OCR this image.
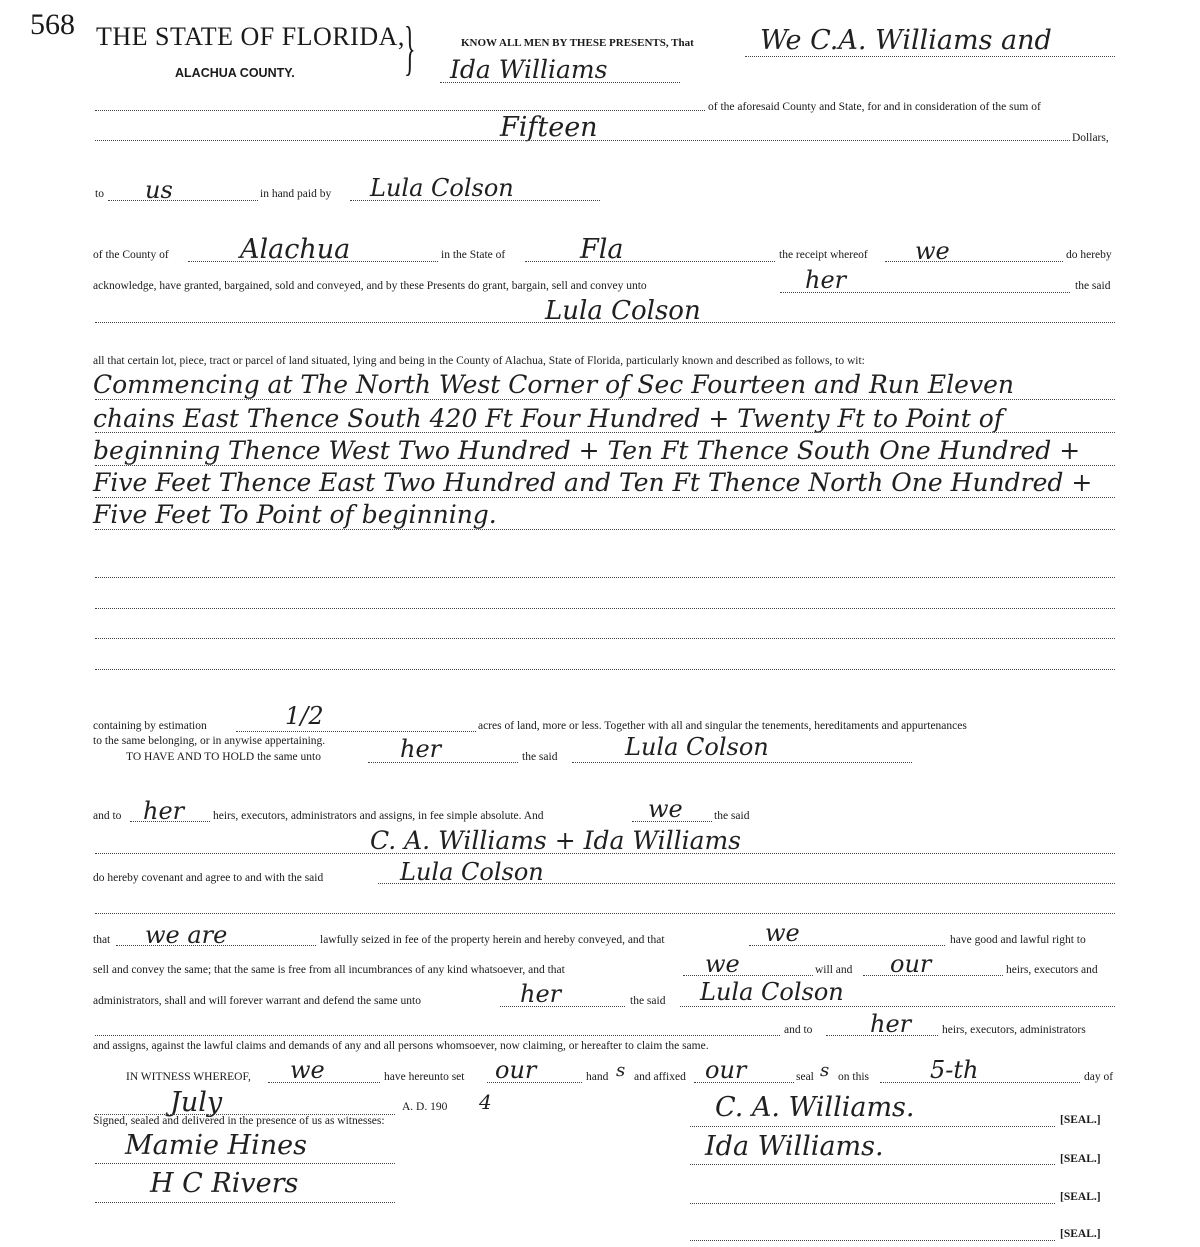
568 THE STATE OF FLORIDA,
ALACHUA COUNTY. }	KNOW ALL MEN BY THESE PRESENTS, That We C.A. Williams and
Ida Williams
of the aforesaid County and State, for and in consideration of the sum of
Fifteen	Dollars,
to us	in hand paid by Lula Colson
of the County of	Alachua	in the State of	Fla	the receipt whereof we	do hereby
acknowledge, have granted, bargained, sold and conveyed, and by these Presents do grant, bargain, sell and convey unto	her	the said
Lula Colson
all that certain lot, piece, tract or parcel of land situated, lying and being in the County of Alachua, State of Florida, particularly known and described as follows, to wit:
Commencing at The North West Corner of Sec Fourteen and Run Eleven
chains East Thence South 420 Ft Four Hundred + Twenty Ft to Point of
beginning Thence West Two Hundred + Ten Ft Thence South One Hundred +
Five Feet Thence East Two Hundred and Ten Ft Thence North One Hundred +
Five Feet To Point of beginning.
containing by estimation	1/2	acres of land, more or less. Together with all and singular the tenements, hereditaments and appurtenances
to the same belonging, or in anywise appertaining.
TO HAVE AND TO HOLD the same unto	her	the said	Lula Colson
and to her	heirs, executors, administrators and assigns, in fee simple absolute. And	we	the said
C. A. Williams + Ida Williams
do hereby covenant and agree to and with the said	Lula Colson
that we are	lawfully seized in fee of the property herein and hereby conveyed, and that	we	have good and lawful right to
sell and convey the same; that the same is free from all incumbrances of any kind whatsoever, and that	we	will and our	heirs, executors and
administrators, shall and will forever warrant and defend the same unto	her	the said Lula Colson
and to her	heirs, executors, administrators
and assigns, against the lawful claims and demands of any and all persons whomsoever, now claiming, or hereafter to claim the same.
IN WITNESS WHEREOF, we	have hereunto set our	hand s and affixed our	seal s on this	5-th	day of
July	A. D. 190 4
Signed, sealed and delivered in the presence of us as witnesses:
Mamie Hines
H C Rivers
C. A. Williams.	[SEAL.]
Ida Williams.	[SEAL.]
[SEAL.]
[SEAL.]
